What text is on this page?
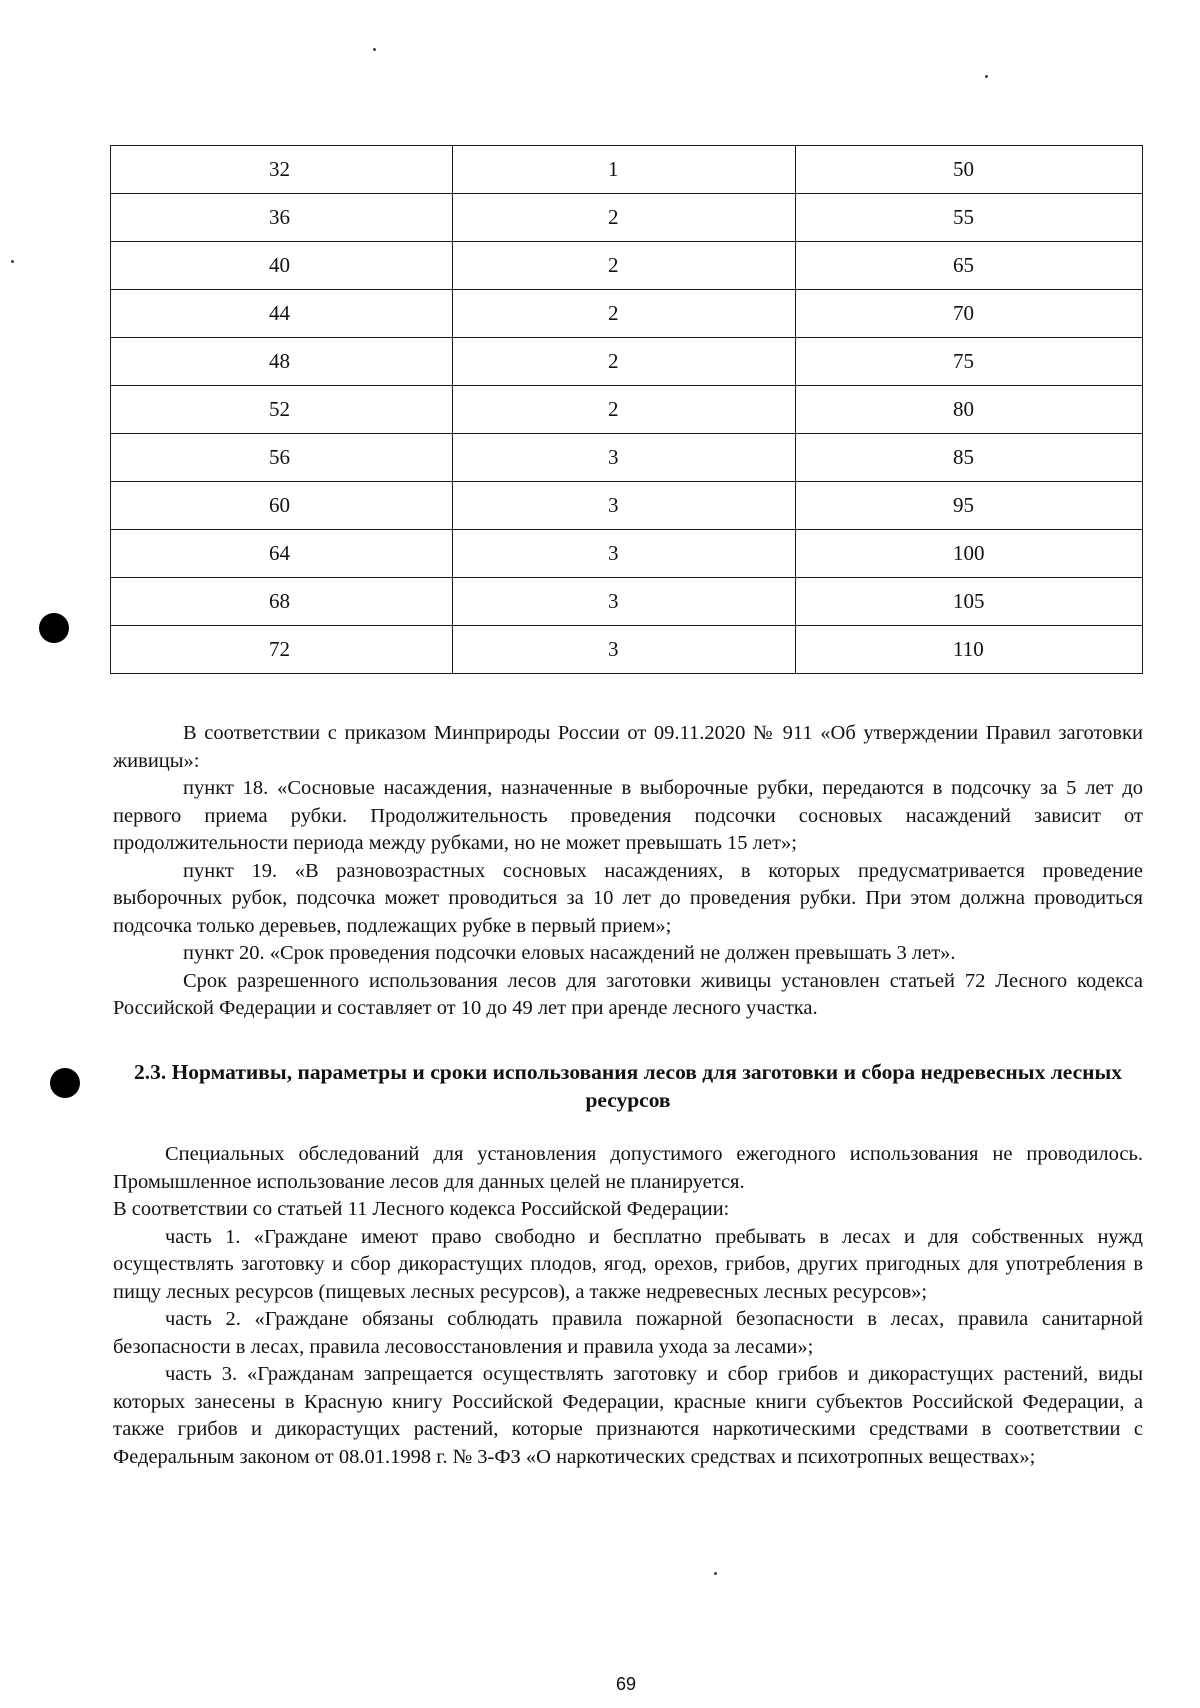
32	1	50
36	2	55
40	2	65
44	2	70
48	2	75
52	2	80
56	3	85
60	3	95
64	3	100
68	3	105
72	3	110

В соответствии с приказом Минприроды России от 09.11.2020 № 911 «Об утверждении Правил заготовки живицы»:

пункт 18. «Сосновые насаждения, назначенные в выборочные рубки, передаются в подсочку за 5 лет до первого приема рубки. Продолжительность проведения подсочки сосновых насаждений зависит от продолжительности периода между рубками, но не может превышать 15 лет»;

пункт 19. «В разновозрастных сосновых насаждениях, в которых предусматривается проведение выборочных рубок, подсочка может проводиться за 10 лет до проведения рубки. При этом должна проводиться подсочка только деревьев, подлежащих рубке в первый прием»;

пункт 20. «Срок проведения подсочки еловых насаждений не должен превышать 3 лет».

Срок разрешенного использования лесов для заготовки живицы установлен статьей 72 Лесного кодекса Российской Федерации и составляет от 10 до 49 лет при аренде лесного участка.

2.3. Нормативы, параметры и сроки использования лесов для заготовки и сбора недревесных лесных ресурсов

Специальных обследований для установления допустимого ежегодного использования не проводилось. Промышленное использование лесов для данных целей не планируется.

В соответствии со статьей 11 Лесного кодекса Российской Федерации:

часть 1. «Граждане имеют право свободно и бесплатно пребывать в лесах и для собственных нужд осуществлять заготовку и сбор дикорастущих плодов, ягод, орехов, грибов, других пригодных для употребления в пищу лесных ресурсов (пищевых лесных ресурсов), а также недревесных лесных ресурсов»;

часть 2. «Граждане обязаны соблюдать правила пожарной безопасности в лесах, правила санитарной безопасности в лесах, правила лесовосстановления и правила ухода за лесами»;

часть 3. «Гражданам запрещается осуществлять заготовку и сбор грибов и дикорастущих растений, виды которых занесены в Красную книгу Российской Федерации, красные книги субъектов Российской Федерации, а также грибов и дикорастущих растений, которые признаются наркотическими средствами в соответствии с Федеральным законом от 08.01.1998 г. № 3-ФЗ «О наркотических средствах и психотропных веществах»;

69
